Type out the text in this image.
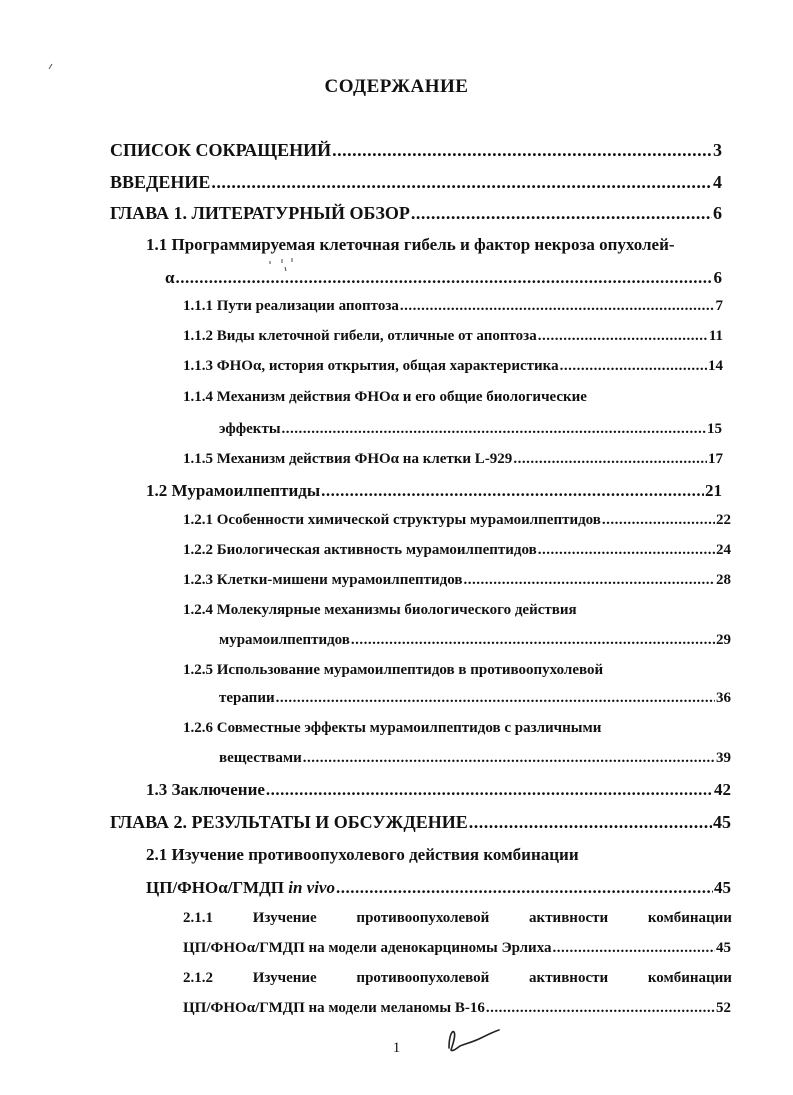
СОДЕРЖАНИЕ
СПИСОК СОКРАЩЕНИЙ .....	3
ВВЕДЕНИЕ .....	4
ГЛАВА 1. ЛИТЕРАТУРНЫЙ ОБЗОР .....	6
1.1 Программируемая клеточная гибель и фактор некроза опухолей-
α .....	6
1.1.1 Пути реализации апоптоза .....	7
1.1.2 Виды клеточной гибели, отличные от апоптоза .....	11
1.1.3 ФНОα, история открытия, общая характеристика .....	14
1.1.4 Механизм действия ФНОα и его общие биологические
эффекты .....	15
1.1.5 Механизм действия ФНОα на клетки L-929 .....	17
1.2 Мурамоилпептиды .....	21
1.2.1 Особенности химической структуры мурамоилпептидов .....	22
1.2.2 Биологическая активность мурамоилпептидов .....	24
1.2.3 Клетки-мишени мурамоилпептидов .....	28
1.2.4 Молекулярные механизмы биологического действия
мурамоилпептидов .....	29
1.2.5 Использование мурамоилпептидов в противоопухолевой
терапии .....	36
1.2.6 Совместные эффекты мурамоилпептидов с различными
веществами .....	39
1.3 Заключение .....	42
ГЛАВА 2. РЕЗУЛЬТАТЫ И ОБСУЖДЕНИЕ .....	45
2.1 Изучение противоопухолевого действия комбинации
ЦП/ФНОα/ГМДП in vivo .....	45
2.1.1	Изучение	противоопухолевой	активности	комбинации
ЦП/ФНОα/ГМДП на модели аденокарциномы Эрлиха .....	45
2.1.2	Изучение	противоопухолевой	активности	комбинации
ЦП/ФНОα/ГМДП на модели меланомы В-16 .....	52
1
